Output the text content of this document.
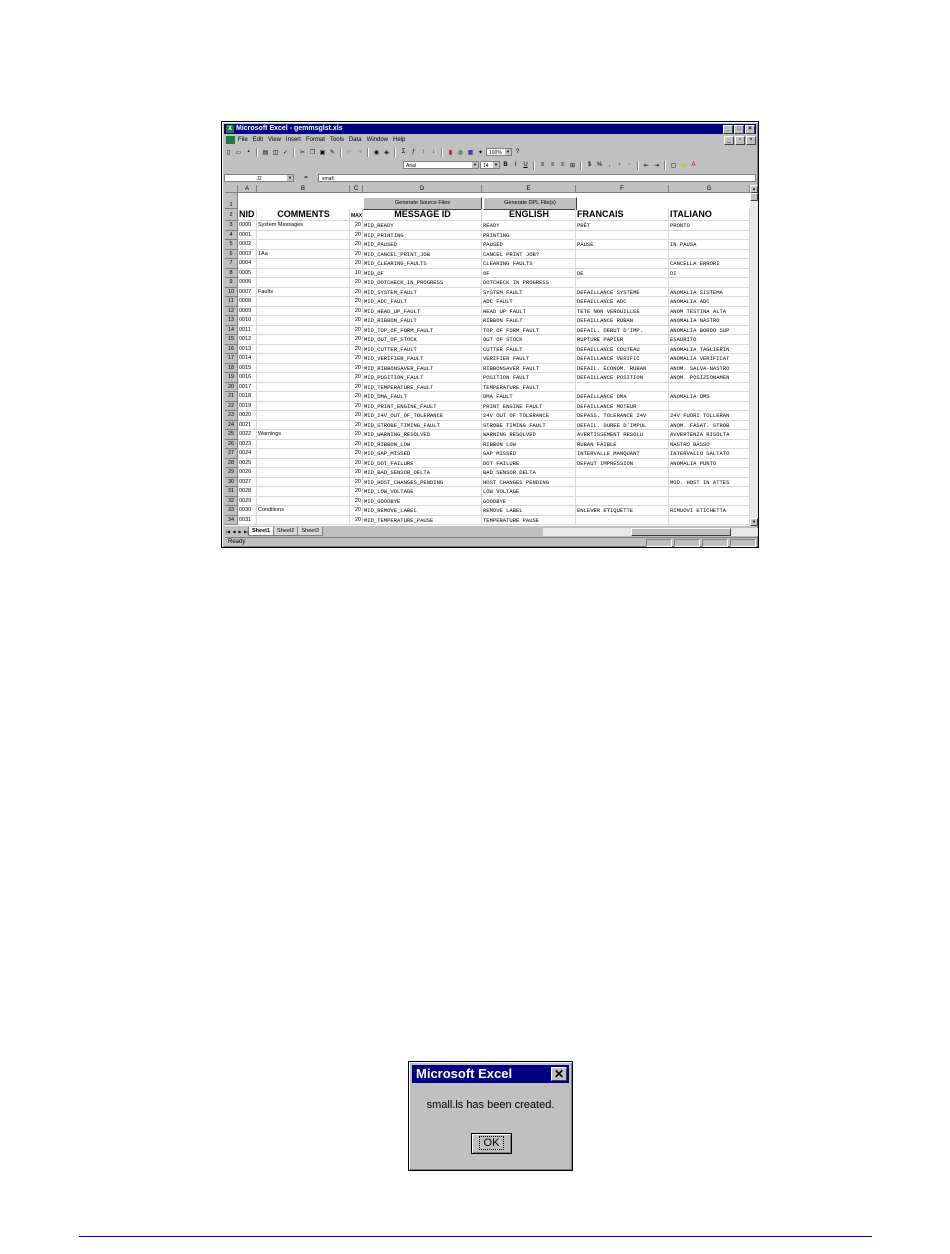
X Microsoft Excel - gemmsglst.xls	_	□	×
File Edit View Insert Format Tools Data Window Help	_	▫	×
▯ ▭	▪	▤ ◫ ✓	✂ ❐ ▣ ✎	↶ ↷	◉ ◈	Σ	ƒ	↑	↓	▮ ◍ ▦ ✦	100% ▼ ?
Arial	▼	14 ▼ B	I	U	≡	≡	≡ ⊞	$ %	,	⁺	⁻	⇤ ⇥	▢ ◆ A
J2	▼	=	small
A	B	C	D	E	F	G
1	Generate Source Files	Generate DPL File(s)
2 NID	COMMENTS	MAX	MESSAGE ID	ENGLISH	FRANCAIS	ITALIANO
3	0000	System Messages	20 MID_READY	READY	PRÊT	PRONTO
4	0001	20 MID_PRINTING	PRINTING
5	0002	20 MID_PAUSED	PAUSED	PAUSE	IN PAUSA
6	0003	1Aa	20 MID_CANCEL_PRINT_JOB	CANCEL PRINT JOB?
7	0004	20 MID_CLEARING_FAULTS	CLEARING FAULTS	CANCELLA ERRORI
8	0005	10 MID_OF	OF	DE	DI
9	0006	20 MID_DOTCHECK_IN_PROGRESS	DOTCHECK IN PROGRESS
10 0007	Faults	20 MID_SYSTEM_FAULT	SYSTEM FAULT	DEFAILLANCE SYSTEME	ANOMALIA SISTEMA
11 0008	20 MID_ADC_FAULT	ADC FAULT	DEFAILLANCE ADC	ANOMALIA ADC
12 0009	20 MID_HEAD_UP_FAULT	HEAD UP FAULT	TETE NON VEROUILLEE	ANOM TESTINA ALTA
13 0010	20 MID_RIBBON_FAULT	RIBBON FAULT	DEFAILLANCE RUBAN	ANOMALIA NASTRO
14 0011	20 MID_TOP_OF_FORM_FAULT	TOP OF FORM FAULT	DEFAIL. DEBUT D'IMP.	ANOMALIA BORDO SUP
15 0012	20 MID_OUT_OF_STOCK	OUT OF STOCK	RUPTURE PAPIER	ESAURITO
16 0013	20 MID_CUTTER_FAULT	CUTTER FAULT	DEFAILLANCE COUTEAU	ANOMALIA TAGLIERIN
17 0014	20 MID_VERIFIER_FAULT	VERIFIER FAULT	DEFAILLANCE VERIFIC	ANOMALIA VERIFICAT
18 0015	20 MID_RIBBONSAVER_FAULT	RIBBONSAVER FAULT	DEFAIL. ECONOM. RUBAN	ANOM. SALVA-NASTRO
19 0016	20 MID_POSITION_FAULT	POSITION FAULT	DEFAILLANCE POSITION	ANOM. POSIZIONAMEN
20 0017	20 MID_TEMPERATURE_FAULT	TEMPERATURE FAULT
21 0018	20 MID_DMA_FAULT	DMA FAULT	DEFAILLANCE DMA	ANOMALIA DMS
22 0019	20 MID_PRINT_ENGINE_FAULT	PRINT ENGINE FAULT	DEFAILLANCE MOTEUR
23 0020	20 MID_24V_OUT_OF_TOLERANCE	24V OUT OF TOLERANCE	DEPASS. TOLERANCE 24V	24V FUORI TOLLERAN
24 0021	20 MID_STROBE_TIMING_FAULT	STROBE TIMING FAULT	DEFAIL. DUREE D'IMPUL	ANOM. FASAT. STROB
25 0022	Warnings	20 MID_WARNING_RESOLVED	WARNING RESOLVED	AVERTISSEMENT RESOLU	AVVERTENZA RISOLTA
26 0023	20 MID_RIBBON_LOW	RIBBON LOW	RUBAN FAIBLE	NASTRO BASSO
27 0024	20 MID_GAP_MISSED	GAP MISSED	INTERVALLE MANQUANT	INTERVALLO SALTATO
28 0025	20 MID_DOT_FAILURE	DOT FAILURE	DEFAUT IMPRESSION	ANOMALIA PUNTO
29 0026	20 MID_BAD_SENSOR_DELTA	BAD SENSOR DELTA
30 0027	20 MID_HOST_CHANGES_PENDING	HOST CHANGES PENDING	MOD. HOST IN ATTES
31 0028	20 MID_LOW_VOLTAGE	LOW VOLTAGE
32 0029	20 MID_GOODBYE	GOODBYE
33 0030	Conditions	20 MID_REMOVE_LABEL	REMOVE LABEL	ENLEVER ETIQUETTE	RIMUOVI ETICHETTA
34 0031	20 MID_TEMPERATURE_PAUSE	TEMPERATURE PAUSE
▲
▼
|◀ ◀ ▶ ▶| Sheet1	Sheet2	Sheet3
Ready
Microsoft Excel	✕
small.ls has been created.
OK
